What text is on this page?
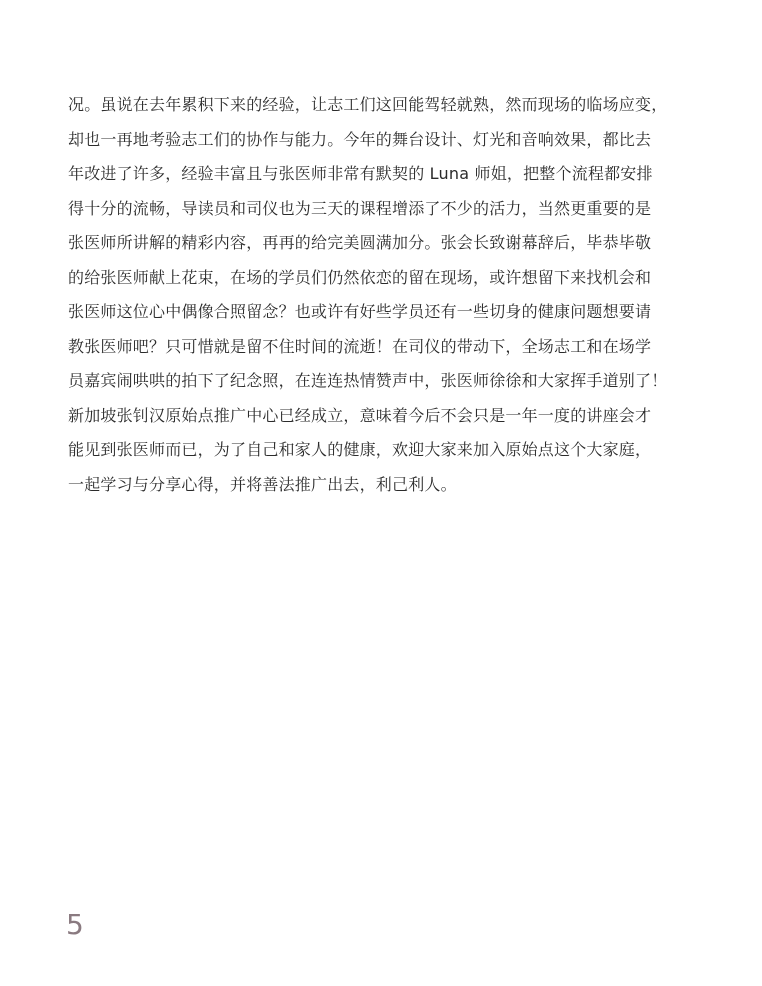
况。虽说在去年累积下来的经验，让志工们这回能驾轻就熟，然而现场的临场应变，
却也一再地考验志工们的协作与能力。今年的舞台设计、灯光和音响效果，都比去
年改进了许多，经验丰富且与张医师非常有默契的 Luna 师姐，把整个流程都安排
得十分的流畅，导读员和司仪也为三天的课程增添了不少的活力，当然更重要的是
张医师所讲解的精彩内容，再再的给完美圆满加分。张会长致谢幕辞后，毕恭毕敬
的给张医师献上花束，在场的学员们仍然依恋的留在现场，或许想留下来找机会和
张医师这位心中偶像合照留念？也或许有好些学员还有一些切身的健康问题想要请
教张医师吧？只可惜就是留不住时间的流逝！在司仪的带动下，全场志工和在场学
员嘉宾闹哄哄的拍下了纪念照，在连连热情赞声中，张医师徐徐和大家挥手道别了！
新加坡张钊汉原始点推广中心已经成立，意味着今后不会只是一年一度的讲座会才
能见到张医师而已，为了自己和家人的健康，欢迎大家来加入原始点这个大家庭，
一起学习与分享心得，并将善法推广出去，利己利人。
5
